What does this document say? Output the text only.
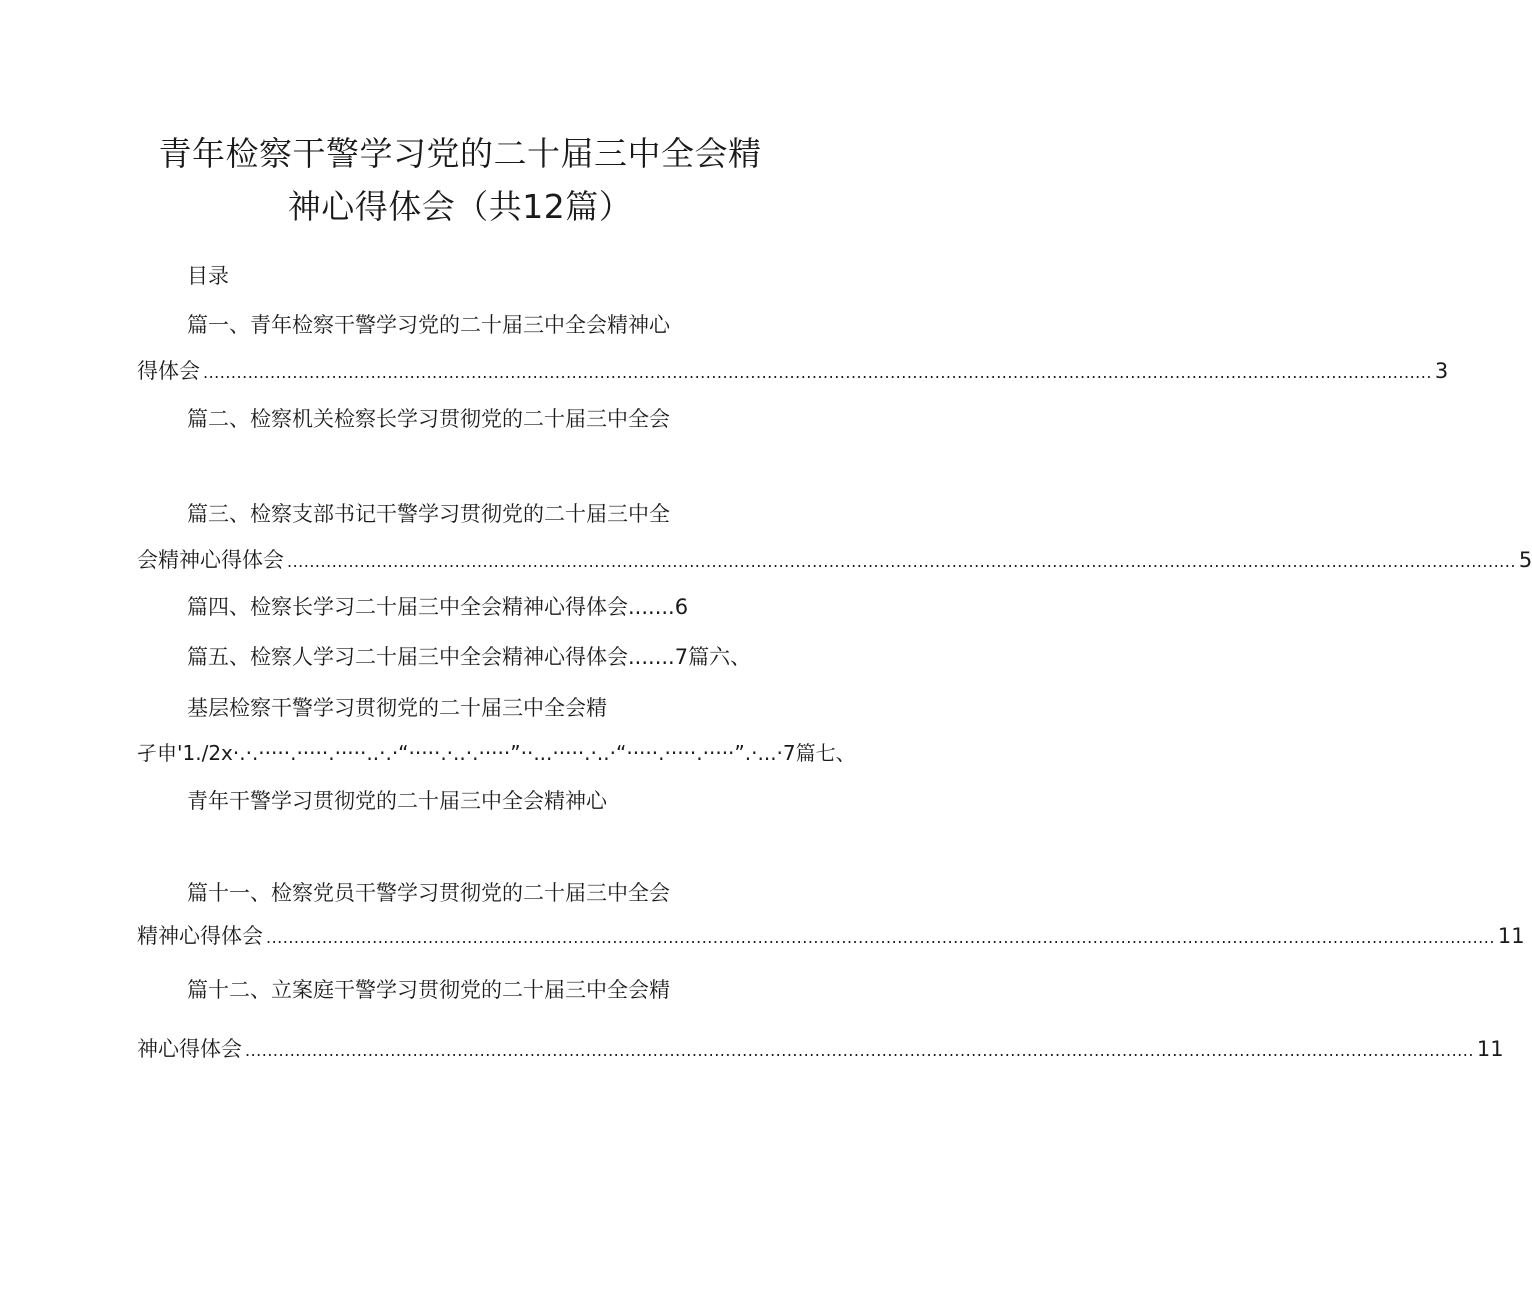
青年检察干警学习党的二十届三中全会精
神心得体会（共12篇）
目录
篇一、青年检察干警学习党的二十届三中全会精神心
得体会 ............................................................................................................................................................................................................................ 3
篇二、检察机关检察长学习贯彻党的二十届三中全会
篇三、检察支部书记干警学习贯彻党的二十届三中全
会精神心得体会 ............................................................................................................................................................................................................................ 5
篇四、检察长学习二十届三中全会精神心得体会.......6
篇五、检察人学习二十届三中全会精神心得体会.......7篇六、
基层检察干警学习贯彻党的二十届三中全会精
孑申'1./2x·.·.·····.·····.·····..·.·“·····.·..·.·····”··...·····.·..·“·····.·····.·····”.·...·7篇七、
青年干警学习贯彻党的二十届三中全会精神心
篇十一、检察党员干警学习贯彻党的二十届三中全会
精神心得体会 ............................................................................................................................................................................................................................ 11
篇十二、立案庭干警学习贯彻党的二十届三中全会精
神心得体会 ............................................................................................................................................................................................................................ 11
